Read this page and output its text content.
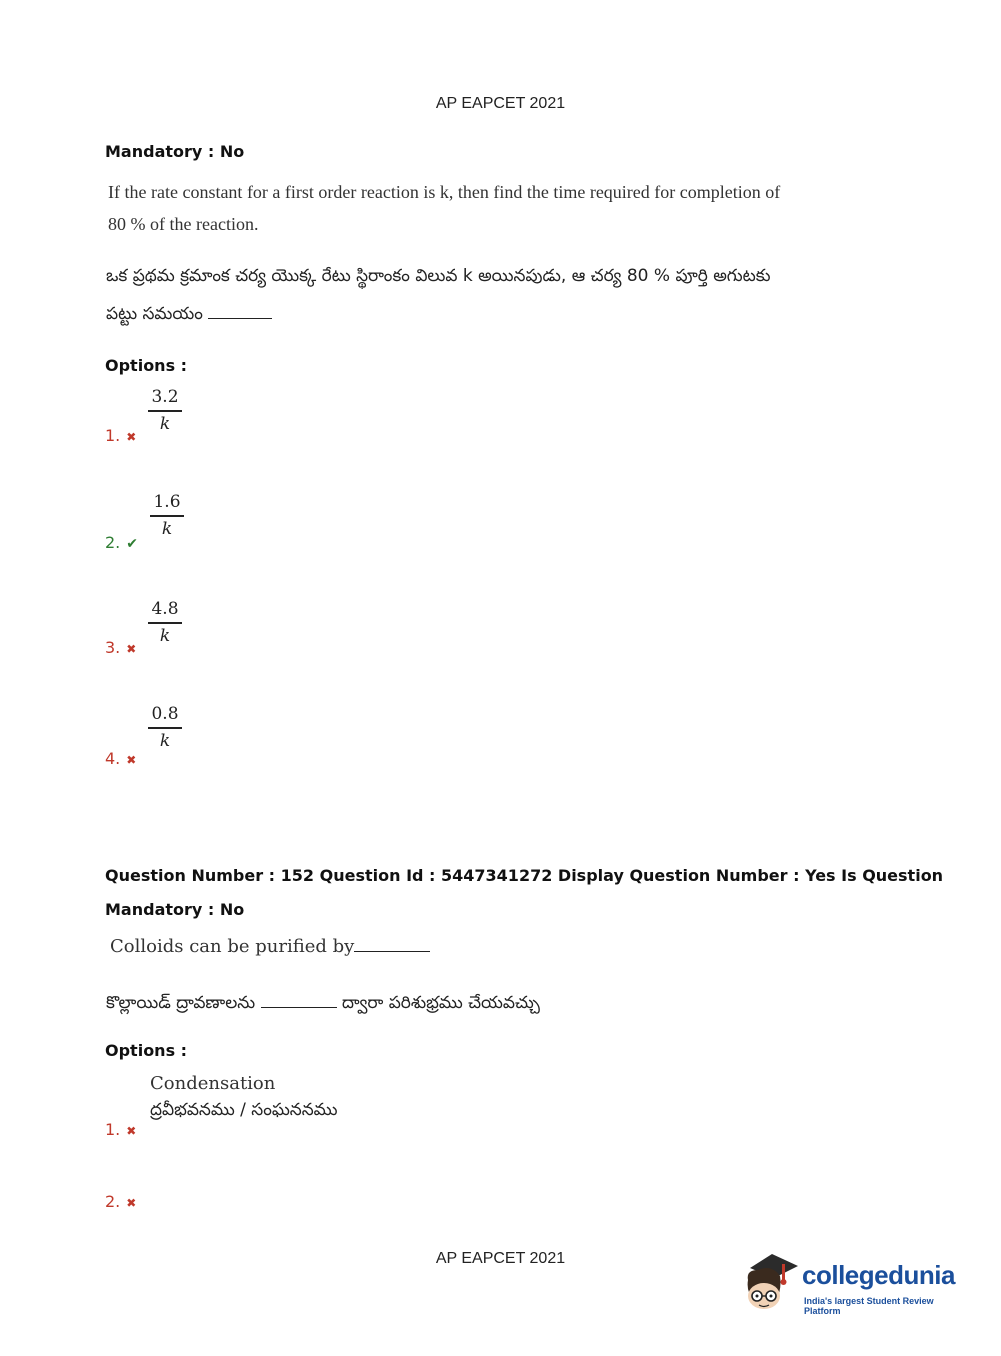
AP EAPCET 2021
Mandatory : No
If the rate constant for a first order reaction is k, then find the time required for completion of
80 % of the reaction.
ఒక ప్రథమ క్రమాంక చర్య యొక్క రేటు స్థిరాంకం విలువ k అయినపుడు, ఆ చర్య 80 % పూర్తి అగుటకు
పట్టు సమయం
Options :
1. ✖
3.2
k
2. ✔
1.6
k
3. ✖
4.8
k
4. ✖
0.8
k
Question Number : 152 Question Id : 5447341272 Display Question Number : Yes Is Question
Mandatory : No
Colloids can be purified by
కొల్లాయిడ్ ద్రావణాలను	ద్వారా పరిశుభ్రము చేయవచ్చు
Options :
1. ✖
Condensation
ద్రవీభవనము / సంఘననము
2. ✖
AP EAPCET 2021
collegedunia
India's largest Student Review Platform
